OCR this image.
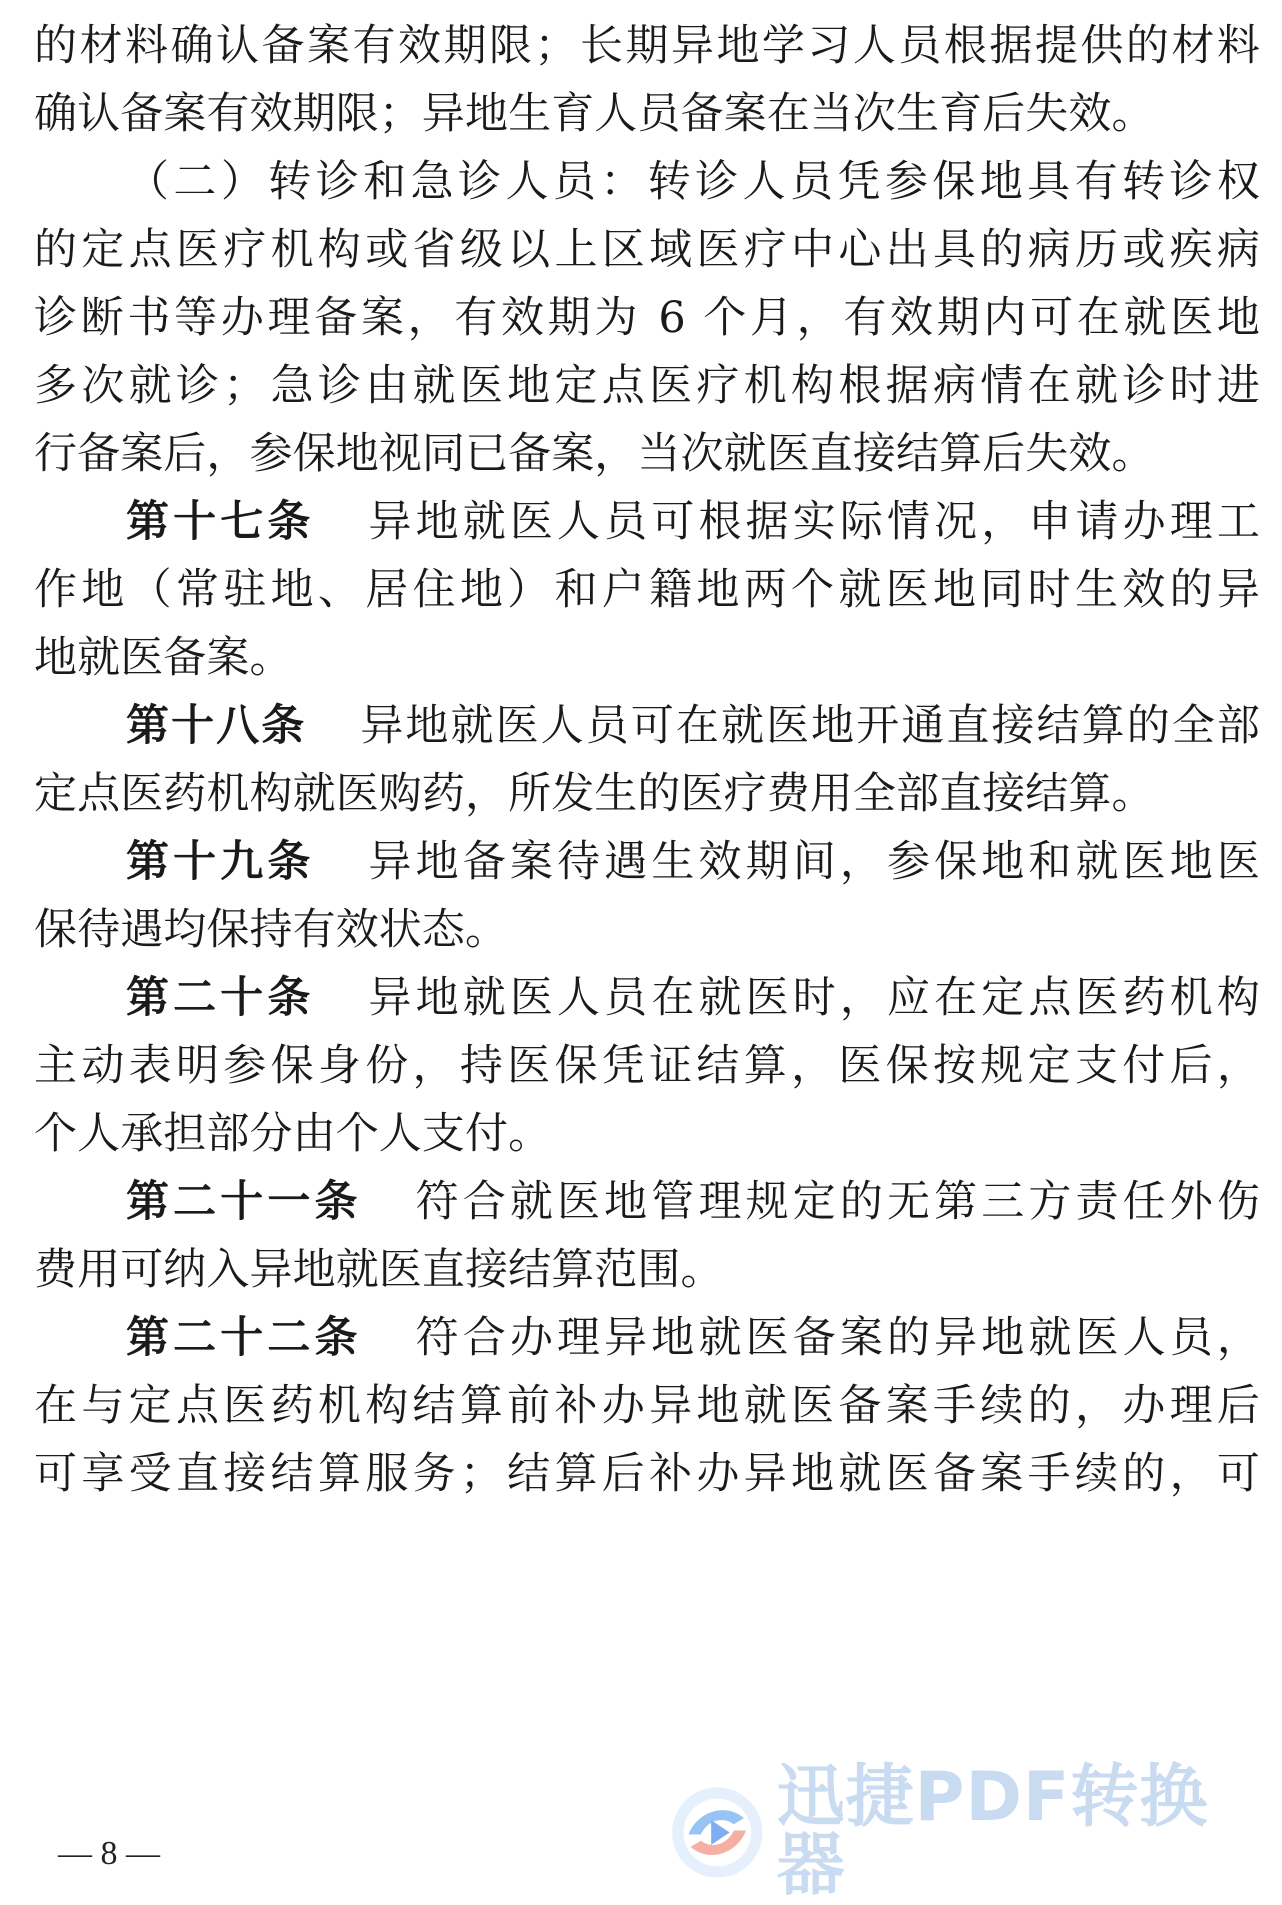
的材料确认备案有效期限；长期异地学习人员根据提供的材料
确认备案有效期限；异地生育人员备案在当次生育后失效。
（二）转诊和急诊人员：转诊人员凭参保地具有转诊权
的定点医疗机构或省级以上区域医疗中心出具的病历或疾病
诊断书等办理备案，有效期为 6 个月，有效期内可在就医地
多次就诊；急诊由就医地定点医疗机构根据病情在就诊时进
行备案后，参保地视同已备案，当次就医直接结算后失效。
第十七条 异地就医人员可根据实际情况，申请办理工
作地（常驻地、居住地）和户籍地两个就医地同时生效的异
地就医备案。
第十八条 异地就医人员可在就医地开通直接结算的全部
定点医药机构就医购药，所发生的医疗费用全部直接结算。
第十九条 异地备案待遇生效期间，参保地和就医地医
保待遇均保持有效状态。
第二十条 异地就医人员在就医时，应在定点医药机构
主动表明参保身份，持医保凭证结算，医保按规定支付后，
个人承担部分由个人支付。
第二十一条 符合就医地管理规定的无第三方责任外伤
费用可纳入异地就医直接结算范围。
第二十二条 符合办理异地就医备案的异地就医人员，
在与定点医药机构结算前补办异地就医备案手续的，办理后
可享受直接结算服务；结算后补办异地就医备案手续的，可
— 8 —
迅捷PDF转换器
